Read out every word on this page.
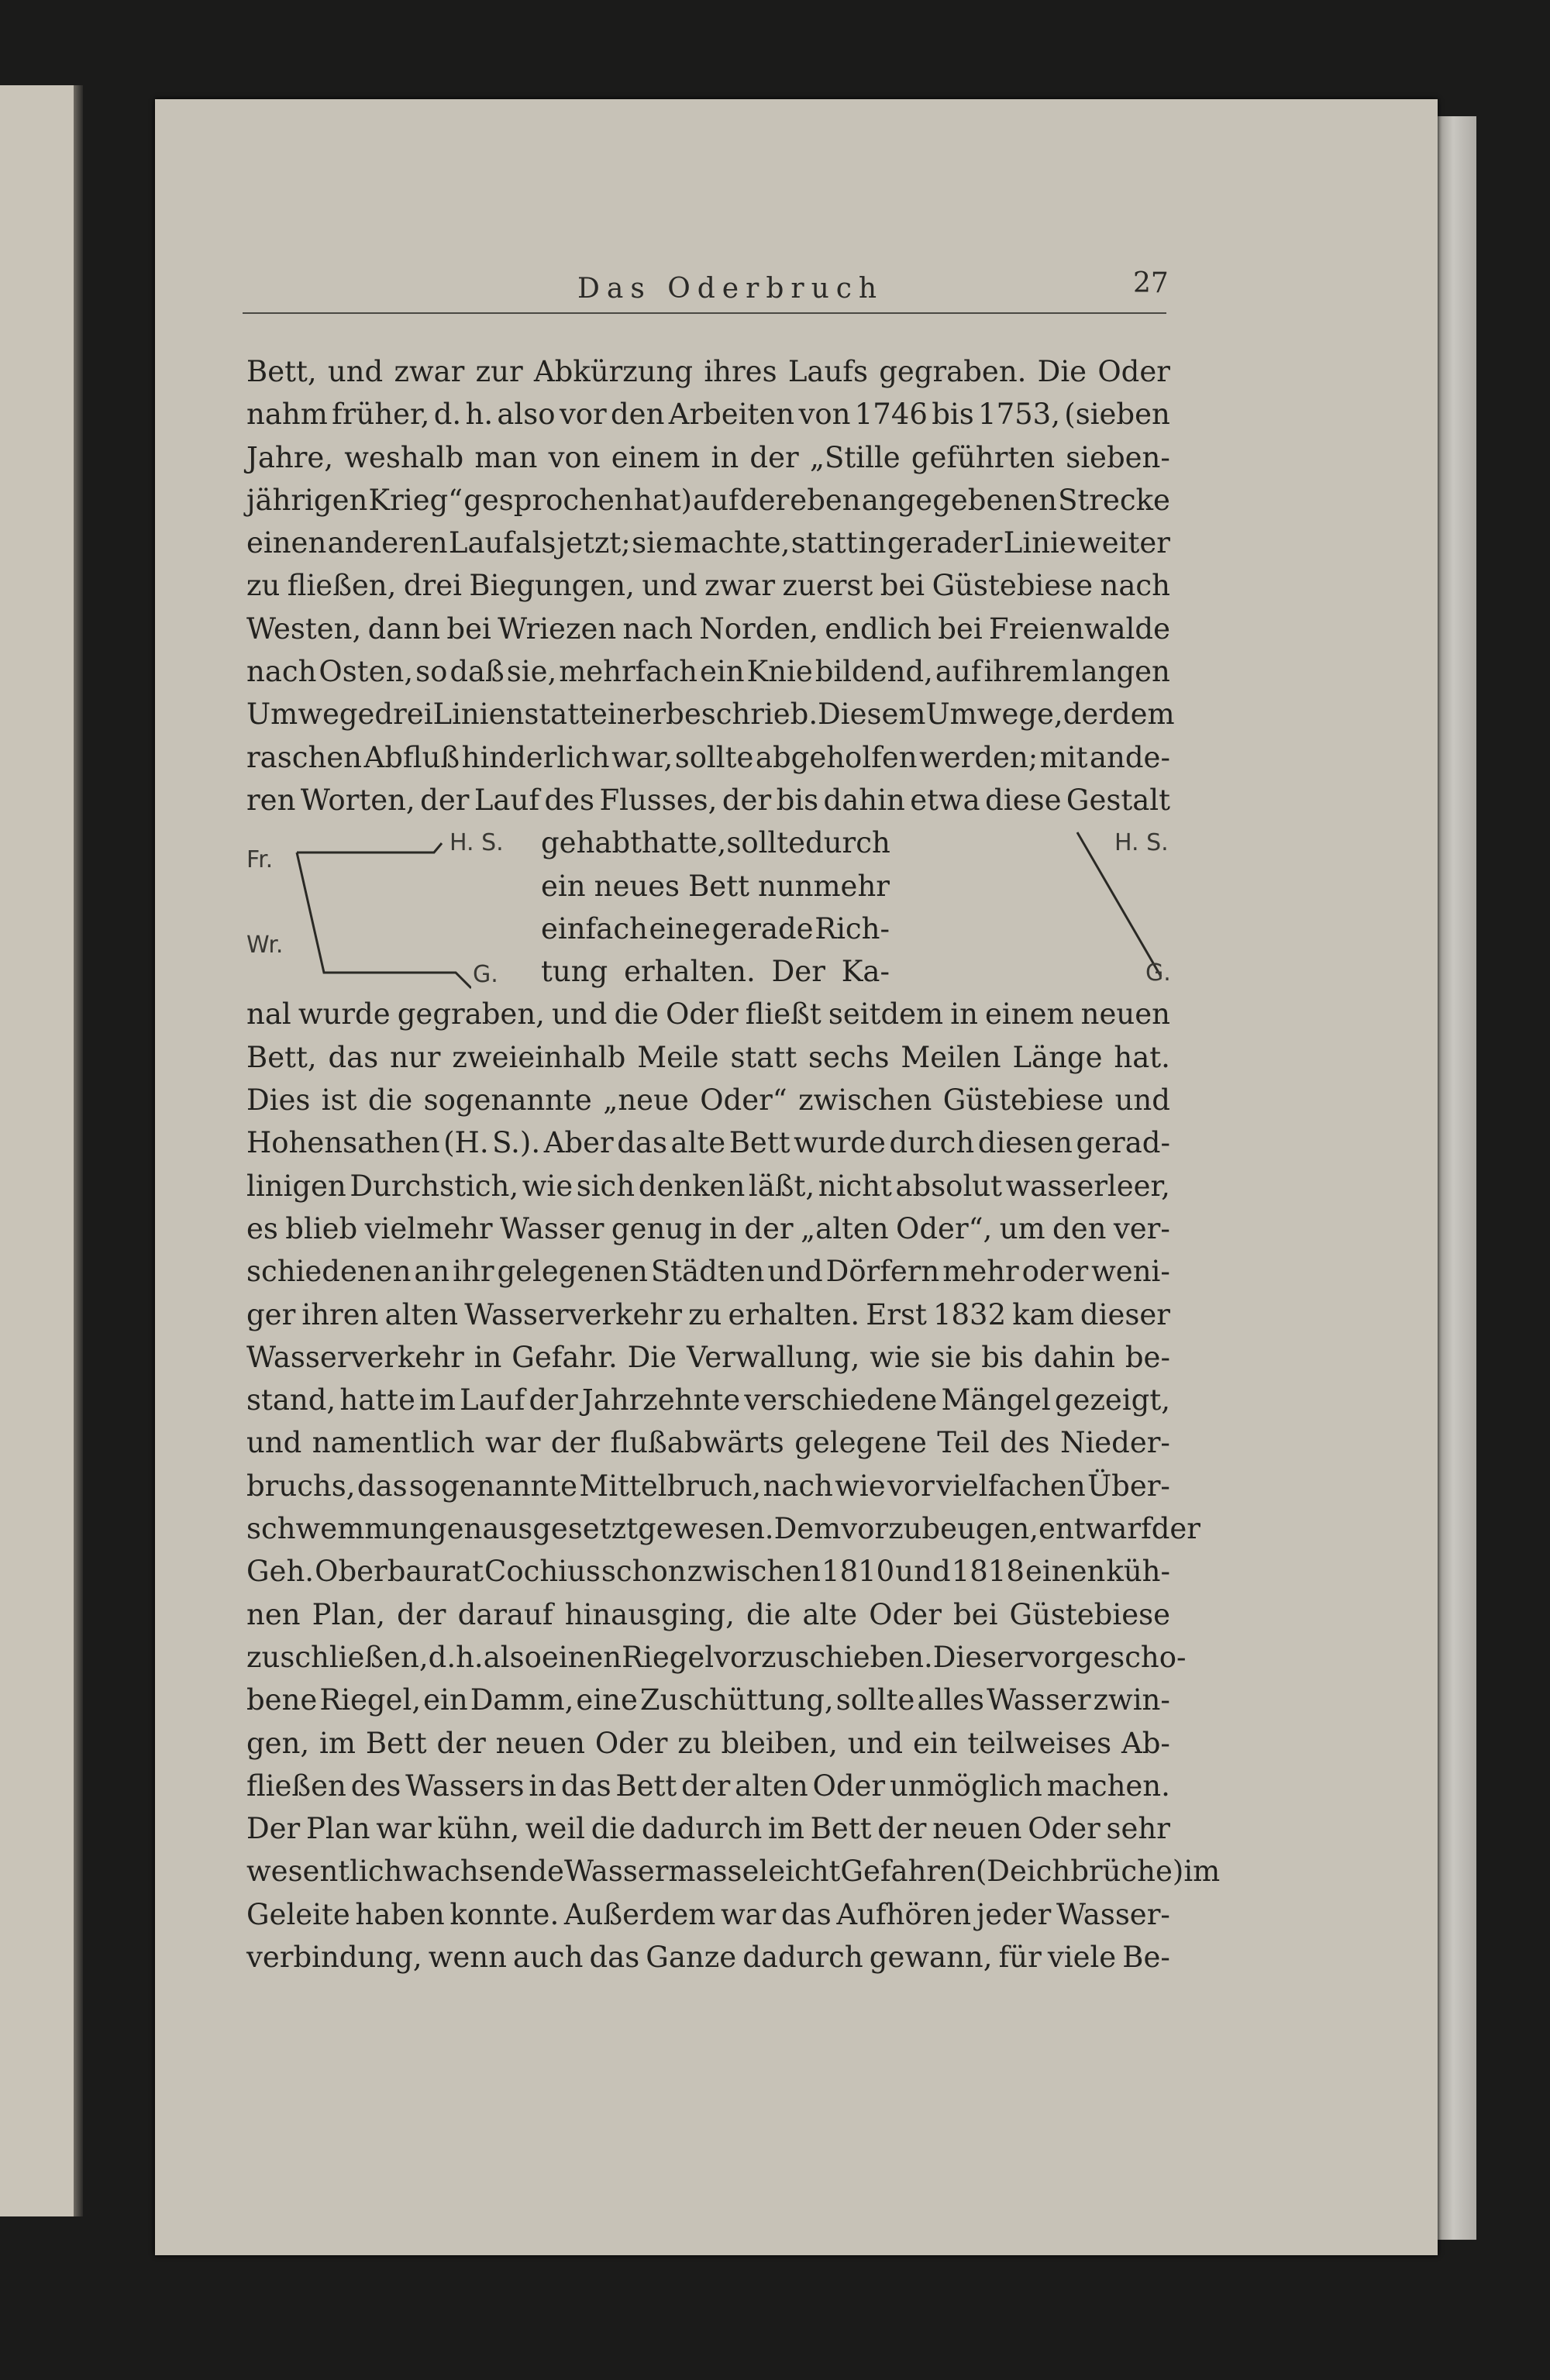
Das Oderbruch	27
Bett, und zwar zur Abkürzung ihres Laufs gegraben. Die Oder
nahm früher, d. h. also vor den Arbeiten von 1746 bis 1753, (sieben
Jahre, weshalb man von einem in der „Stille geführten sieben-
jährigen Krieg“ gesprochen hat) auf der eben angegebenen Strecke
einen anderen Lauf als jetzt; sie machte, statt in gerader Linie weiter
zu fließen, drei Biegungen, und zwar zuerst bei Güstebiese nach
Westen, dann bei Wriezen nach Norden, endlich bei Freienwalde
nach Osten, so daß sie, mehrfach ein Knie bildend, auf ihrem langen
Umwege drei Linien statt einer beschrieb. Diesem Umwege, der dem
raschen Abfluß hinderlich war, sollte abgeholfen werden; mit ande-
ren Worten, der Lauf des Flusses, der bis dahin etwa diese Gestalt
Fr.
Wr.
H. S.
G.
gehabt hatte, sollte durch
ein neues Bett nunmehr
einfach eine gerade Rich-
tung erhalten. Der Ka-
H. S.
G.
nal wurde gegraben, und die Oder fließt seitdem in einem neuen
Bett, das nur zweieinhalb Meile statt sechs Meilen Länge hat.
Dies ist die sogenannte „neue Oder“ zwischen Güstebiese und
Hohensathen (H. S.). Aber das alte Bett wurde durch diesen gerad-
linigen Durchstich, wie sich denken läßt, nicht absolut wasserleer,
es blieb vielmehr Wasser genug in der „alten Oder“, um den ver-
schiedenen an ihr gelegenen Städten und Dörfern mehr oder weni-
ger ihren alten Wasserverkehr zu erhalten. Erst 1832 kam dieser
Wasserverkehr in Gefahr. Die Verwallung, wie sie bis dahin be-
stand, hatte im Lauf der Jahrzehnte verschiedene Mängel gezeigt,
und namentlich war der flußabwärts gelegene Teil des Nieder-
bruchs, das sogenannte Mittelbruch, nach wie vor vielfachen Über-
schwemmungen ausgesetzt gewesen. Dem vorzubeugen, entwarf der
Geh. Oberbaurat Cochius schon zwischen 1810 und 1818 einen küh-
nen Plan, der darauf hinausging, die alte Oder bei Güstebiese
zu schließen, d. h. also einen Riegel vorzuschieben. Dieser vorgescho-
bene Riegel, ein Damm, eine Zuschüttung, sollte alles Wasser zwin-
gen, im Bett der neuen Oder zu bleiben, und ein teilweises Ab-
fließen des Wassers in das Bett der alten Oder unmöglich machen.
Der Plan war kühn, weil die dadurch im Bett der neuen Oder sehr
wesentlich wachsende Wassermasse leicht Gefahren (Deichbrüche) im
Geleite haben konnte. Außerdem war das Aufhören jeder Wasser-
verbindung, wenn auch das Ganze dadurch gewann, für viele Be-
